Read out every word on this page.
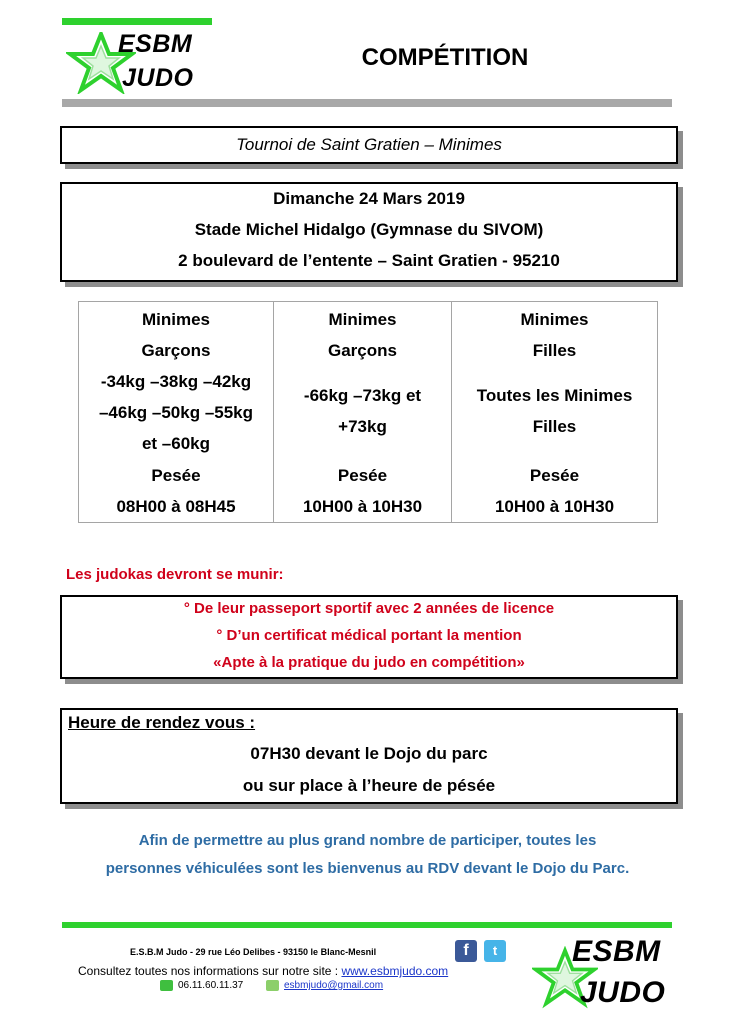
ESBM
JUDO
COMPÉTITION
Tournoi de Saint Gratien – Minimes
Dimanche 24 Mars 2019
Stade Michel Hidalgo (Gymnase du SIVOM)
2 boulevard de l’entente – Saint Gratien - 95210
Minimes
Garçons
-34kg –38kg –42kg
–46kg –50kg –55kg
et –60kg
Pesée
08H00 à 08H45
Minimes
Garçons
-66kg –73kg et
+73kg
Pesée
10H00 à 10H30
Minimes
Filles
Toutes les Minimes
Filles
Pesée
10H00 à 10H30
Les judokas devront se munir:
° De leur passeport sportif avec 2 années de licence
° D’un certificat médical portant la mention
«Apte à la pratique du judo en compétition»
Heure de rendez vous :
07H30 devant le Dojo du parc
ou sur place à l’heure de pésée
Afin de permettre au plus grand nombre de participer, toutes les
personnes véhiculées sont les bienvenus au RDV devant le Dojo du Parc.
E.S.B.M Judo - 29 rue Léo Delibes - 93150 le Blanc-Mesnil	f	t
Consultez toutes nos informations sur notre site : www.esbmjudo.com
06.11.60.11.37	esbmjudo@gmail.com
ESBM
JUDO
